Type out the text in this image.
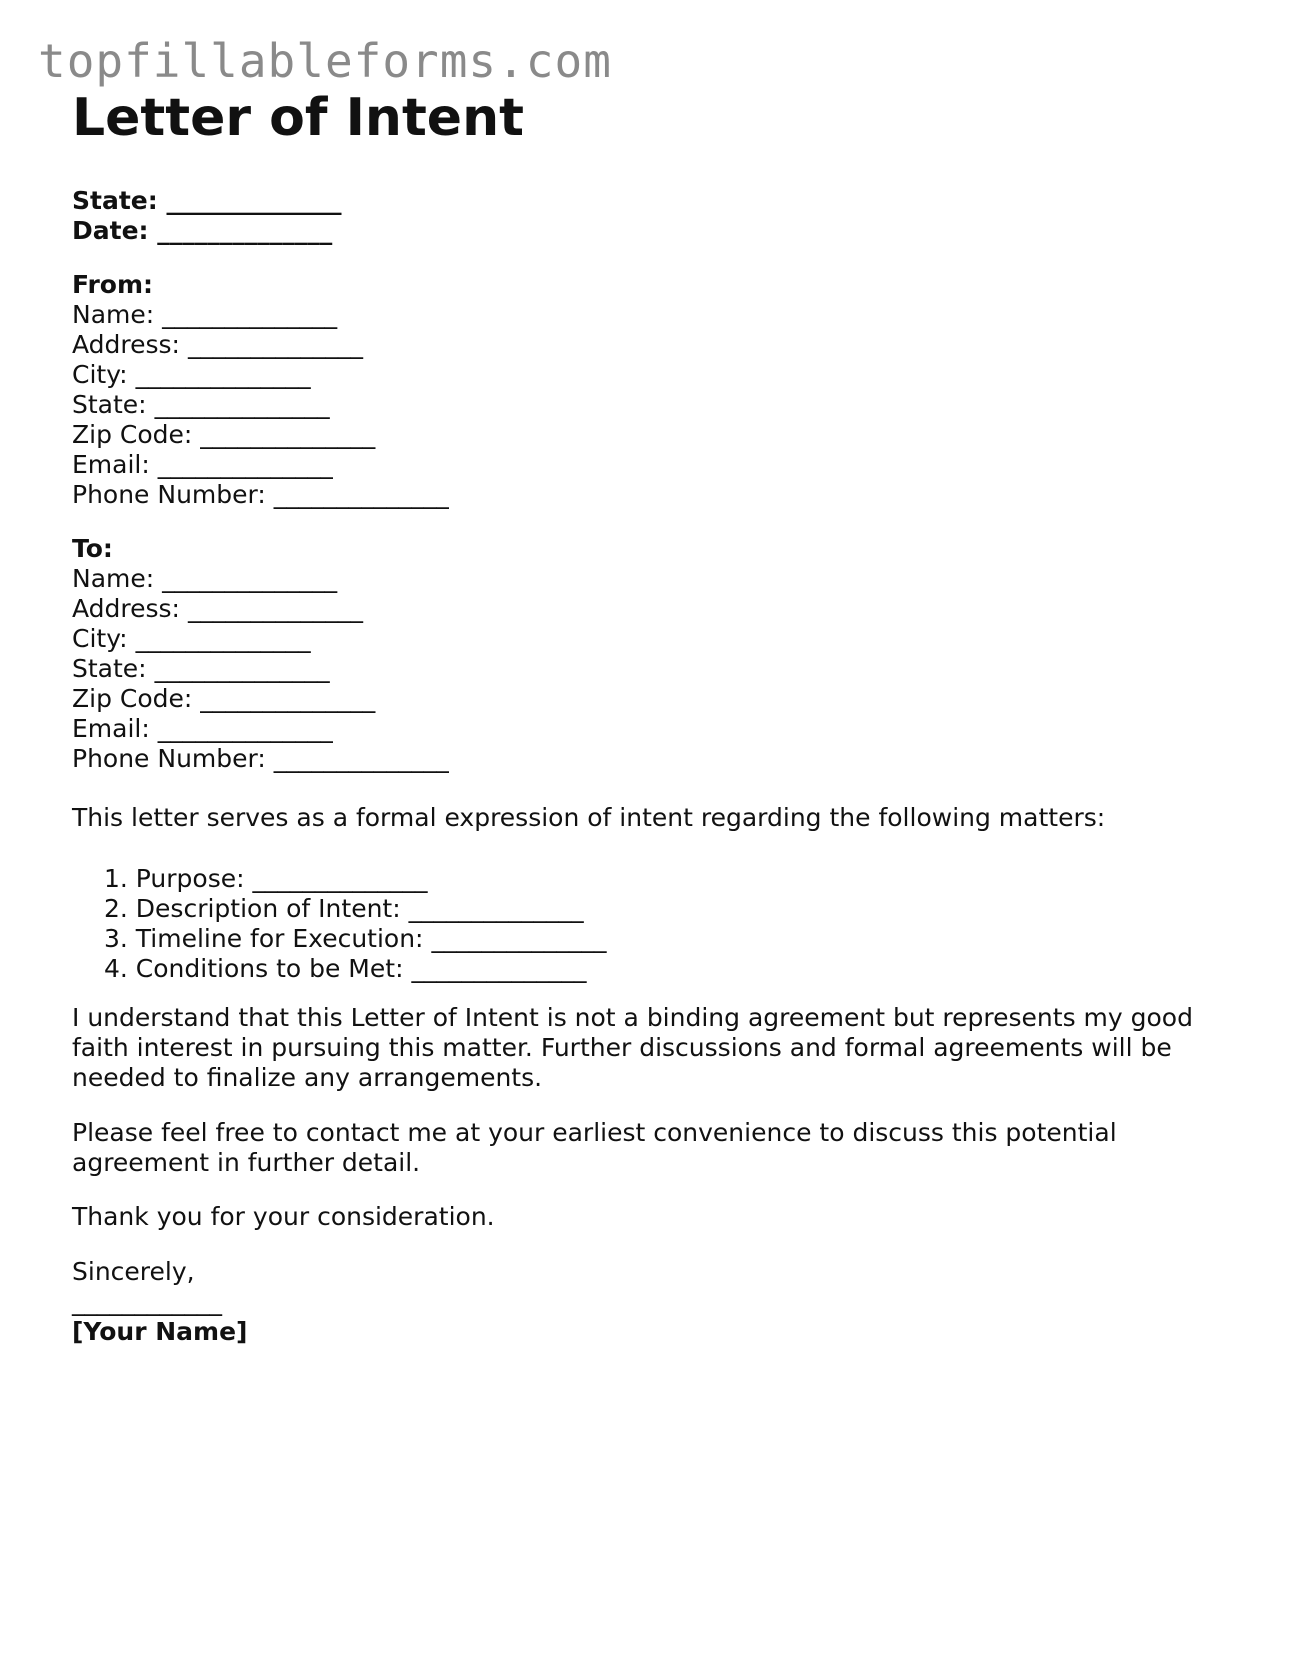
topfillableforms.com
Letter of Intent
State: ______________
Date: ______________
From:
Name: ______________
Address: ______________
City: ______________
State: ______________
Zip Code: ______________
Email: ______________
Phone Number: ______________
To:
Name: ______________
Address: ______________
City: ______________
State: ______________
Zip Code: ______________
Email: ______________
Phone Number: ______________

This letter serves as a formal expression of intent regarding the following matters:

1. Purpose: ______________
2. Description of Intent: ______________
3. Timeline for Execution: ______________
4. Conditions to be Met: ______________

I understand that this Letter of Intent is not a binding agreement but represents my good faith interest in pursuing this matter. Further discussions and formal agreements will be needed to finalize any arrangements.

Please feel free to contact me at your earliest convenience to discuss this potential agreement in further detail.

Thank you for your consideration.

Sincerely,

____________

[Your Name]
